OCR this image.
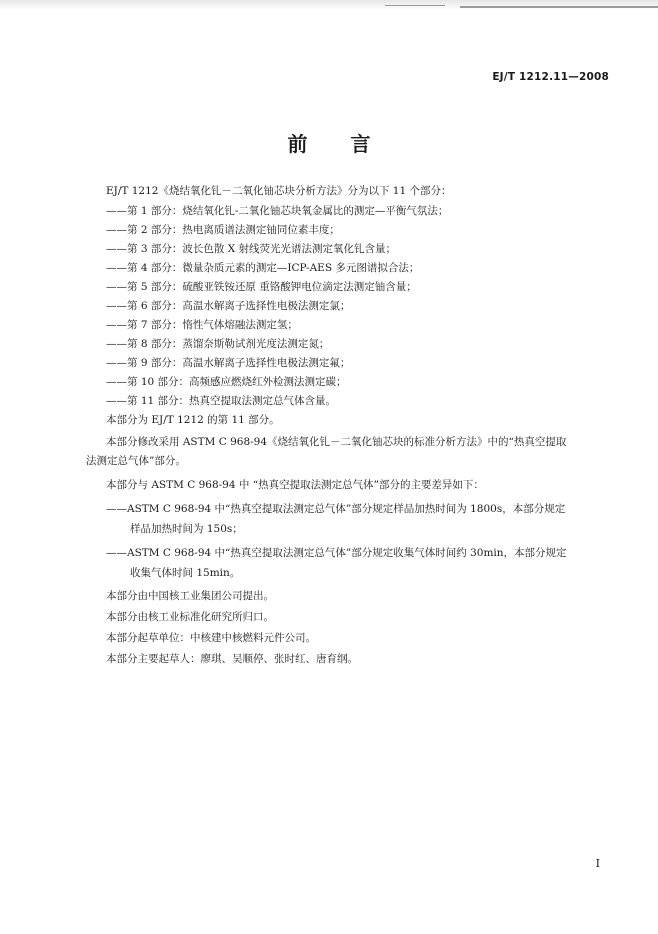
EJ/T 1212.11—2008
前 言
EJ/T 1212《烧结氧化钆－二氧化铀芯块分析方法》分为以下 11 个部分：
——第 1 部分：烧结氧化钆-二氧化铀芯块氧金属比的测定—平衡气氛法；
——第 2 部分：热电离质谱法测定铀同位素丰度；
——第 3 部分：波长色散 X 射线荧光光谱法测定氧化钆含量；
——第 4 部分：微量杂质元素的测定—ICP-AES 多元图谱拟合法；
——第 5 部分：硫酸亚铁铵还原 重铬酸钾电位滴定法测定铀含量；
——第 6 部分：高温水解离子选择性电极法测定氯；
——第 7 部分：惰性气体熔融法测定氢；
——第 8 部分：蒸馏奈斯勒试剂光度法测定氮；
——第 9 部分：高温水解离子选择性电极法测定氟；
——第 10 部分：高频感应燃烧红外检测法测定碳；
——第 11 部分：热真空提取法测定总气体含量。
本部分为 EJ/T 1212 的第 11 部分。
本部分修改采用 ASTM C 968-94《烧结氧化钆－二氧化铀芯块的标准分析方法》中的“热真空提取
法测定总气体”部分。
本部分与 ASTM C 968-94 中 “热真空提取法测定总气体”部分的主要差异如下：
——ASTM C 968-94 中“热真空提取法测定总气体”部分规定样品加热时间为 1800s，本部分规定
样品加热时间为 150s；
——ASTM C 968-94 中“热真空提取法测定总气体”部分规定收集气体时间约 30min，本部分规定
收集气体时间 15min。
本部分由中国核工业集团公司提出。
本部分由核工业标准化研究所归口。
本部分起草单位：中核建中核燃料元件公司。
本部分主要起草人：廖琪、吴顺停、张时红、唐育纲。
I
